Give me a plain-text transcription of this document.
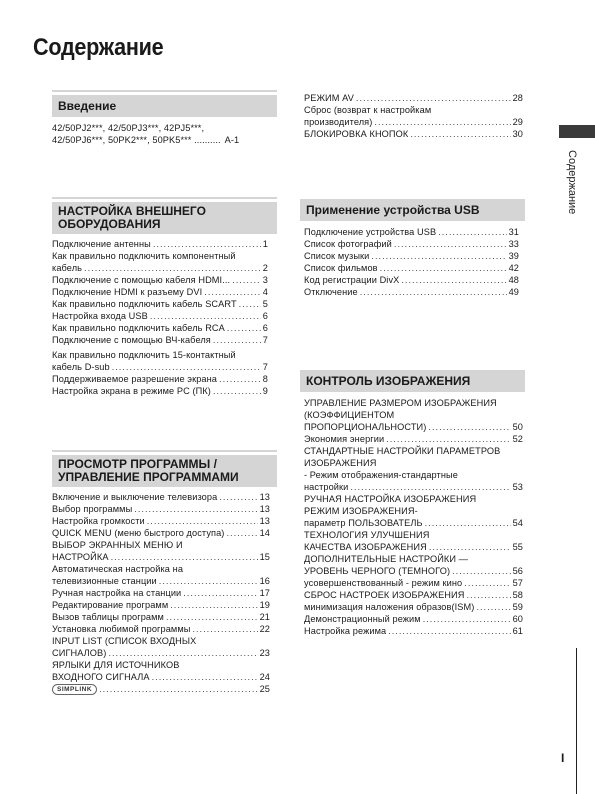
Содержание
Содержание
I
Введение
42/50PJ2***, 42/50PJ3***, 42PJ5***,
42/50PJ6***, 50PK2***, 50PK5*** .......... A-1
НАСТРОЙКА ВНЕШНЕГО
ОБОРУДОВАНИЯ
Подключение антенны .....	1
Как правильно подключить компонентный
кабель .....	2
Подключение с помощью кабеля HDMI... .....	3
Подключение HDMI к разъему DVI .....	4
Как правильно подключить кабель SCART .....	5
Настройка входа USB .....	6
Как правильно подключить кабель RCA .....	6
Подключение с помощью ВЧ-кабеля .....	7
Как правильно подключить 15-контактный
кабель D-sub .....	7
Поддерживаемое разрешение экрана .....	8
Настройка экрана в режиме PC (ПК) .....	9
ПРОСМОТР ПРОГРАММЫ /
УПРАВЛЕНИЕ ПРОГРАММАМИ
Включение и выключение телевизора .....	13
Выбор программы .....	13
Настройка громкости .....	13
QUICK MENU (меню быстрого доступа) .....	14
ВЫБОР ЭКРАННЫХ МЕНЮ И
НАСТРОЙКА .....	15
Автоматическая настройка на
телевизионные станции .....	16
Ручная настройка на станции .....	17
Редактирование программ .....	19
Вызов таблицы программ .....	21
Установка любимой программы .....	22
INPUT LIST (СПИСОК ВХОДНЫХ
СИГНАЛОВ) .....	23
ЯРЛЫКИ ДЛЯ ИСТОЧНИКОВ
ВХОДНОГО СИГНАЛА .....	24
SIMPLINK .....	25
РЕЖИМ AV .....	28
Сброс (возврат к настройкам
производителя) .....	29
БЛОКИРОВКА КНОПОК .....	30
Применение устройства USB
Подключение устройства USB .....	31
Список фотографий .....	33
Список музыки .....	39
Список фильмов .....	42
Код регистрации DivX .....	48
Отключение .....	49
КОНТРОЛЬ ИЗОБРАЖЕНИЯ
УПРАВЛЕНИЕ РАЗМЕРОМ ИЗОБРАЖЕНИЯ
(КОЭФФИЦИЕНТОМ
ПРОПОРЦИОНАЛЬНОСТИ) .....	50
Экономия энергии .....	52
СТАНДАРТНЫЕ НАСТРОЙКИ ПАРАМЕТРОВ
ИЗОБРАЖЕНИЯ
- Режим отображения-стандартные
настройки .....	53
РУЧНАЯ НАСТРОЙКА ИЗОБРАЖЕНИЯ
РЕЖИМ ИЗОБРАЖЕНИЯ-
параметр ПОЛЬЗОВАТЕЛЬ .....	54
ТЕХНОЛОГИЯ УЛУЧШЕНИЯ
КАЧЕСТВА ИЗОБРАЖЕНИЯ .....	55
ДОПОЛНИТЕЛЬНЫЕ НАСТРОЙКИ —
УРОВЕНЬ ЧЕРНОГО (ТЕМНОГО) .....	56
усовершенствованный - режим кино .....	57
СБРОС НАСТРОЕК ИЗОБРАЖЕНИЯ .....	58
минимизация наложения образов(ISM) .....	59
Демонстрационный режим .....	60
Настройка режима .....	61
